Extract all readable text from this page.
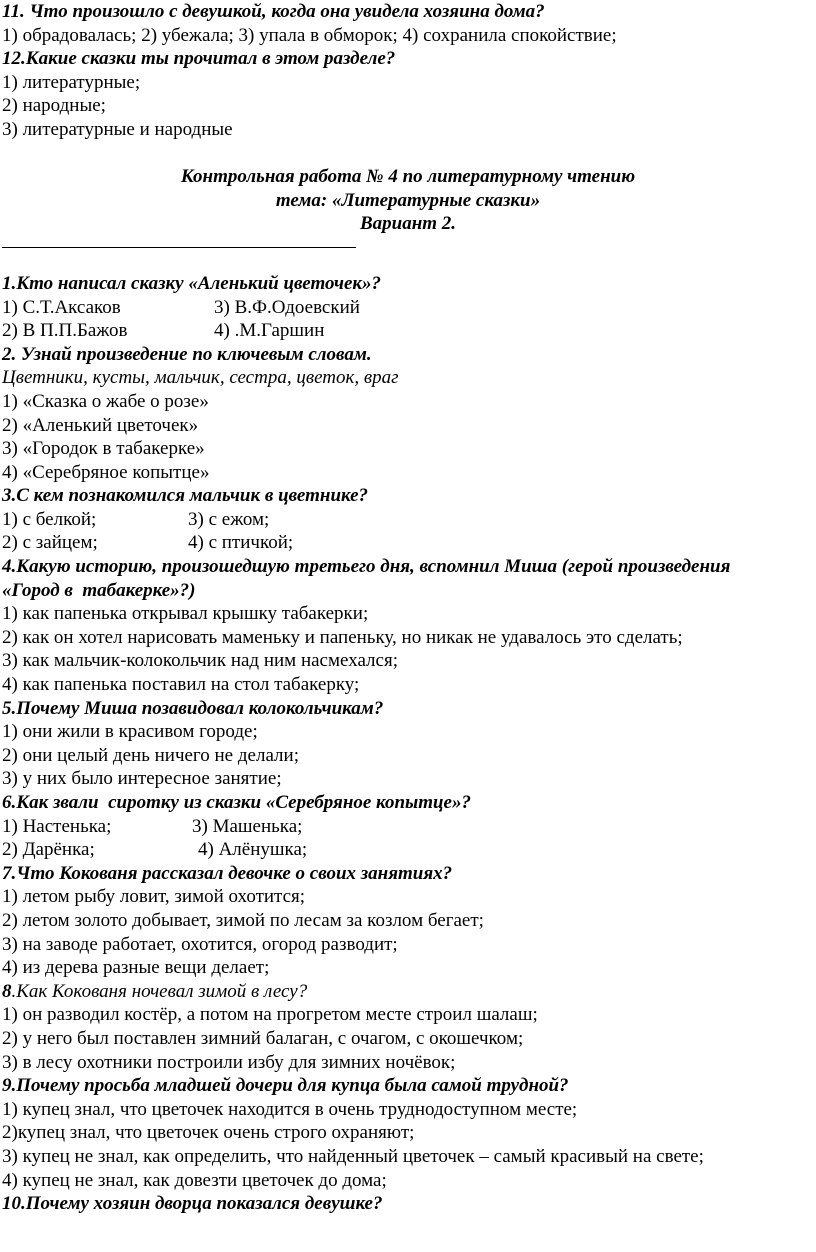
11. Что произошло с девушкой, когда она увидела хозяина дома?
1) обрадовалась; 2) убежала; 3) упала в обморок; 4) сохранила спокойствие;
12.Какие сказки ты прочитал в этом разделе?
1) литературные;
2) народные;
3) литературные и народные
Контрольная работа № 4 по литературному чтению
тема: «Литературные сказки»
Вариант 2.
1.Кто написал сказку «Аленький цветочек»?
1) С.Т.Аксаков	3) В.Ф.Одоевский
2) В П.П.Бажов	4) .М.Гаршин
2. Узнай произведение по ключевым словам.
Цветники, кусты, мальчик, сестра, цветок, враг
1) «Сказка о жабе о розе»
2) «Аленький цветочек»
3) «Городок в табакерке»
4) «Серебряное копытце»
3.С кем познакомился мальчик в цветнике?
1) с белкой;	3) с ежом;
2) с зайцем;	4) с птичкой;
4.Какую историю, произошедшую третьего дня, вспомнил Миша (герой произведения
«Город в  табакерке»?)
1) как папенька открывал крышку табакерки;
2) как он хотел нарисовать маменьку и папеньку, но никак не удавалось это сделать;
3) как мальчик-колокольчик над ним насмехался;
4) как папенька поставил на стол табакерку;
5.Почему Миша позавидовал колокольчикам?
1) они жили в красивом городе;
2) они целый день ничего не делали;
3) у них было интересное занятие;
6.Как звали  сиротку из сказки «Серебряное копытце»?
1) Настенька;	3) Машенька;
2) Дарёнка;	4) Алёнушка;
7.Что Кокованя рассказал девочке о своих занятиях?
1) летом рыбу ловит, зимой охотится;
2) летом золото добывает, зимой по лесам за козлом бегает;
3) на заводе работает, охотится, огород разводит;
4) из дерева разные вещи делает;
8.Как Кокованя ночевал зимой в лесу?
1) он разводил костёр, а потом на прогретом месте строил шалаш;
2) у него был поставлен зимний балаган, с очагом, с окошечком;
3) в лесу охотники построили избу для зимних ночёвок;
9.Почему просьба младшей дочери для купца была самой трудной?
1) купец знал, что цветочек находится в очень труднодоступном месте;
2)купец знал, что цветочек очень строго охраняют;
3) купец не знал, как определить, что найденный цветочек – самый красивый на свете;
4) купец не знал, как довезти цветочек до дома;
10.Почему хозяин дворца показался девушке?
